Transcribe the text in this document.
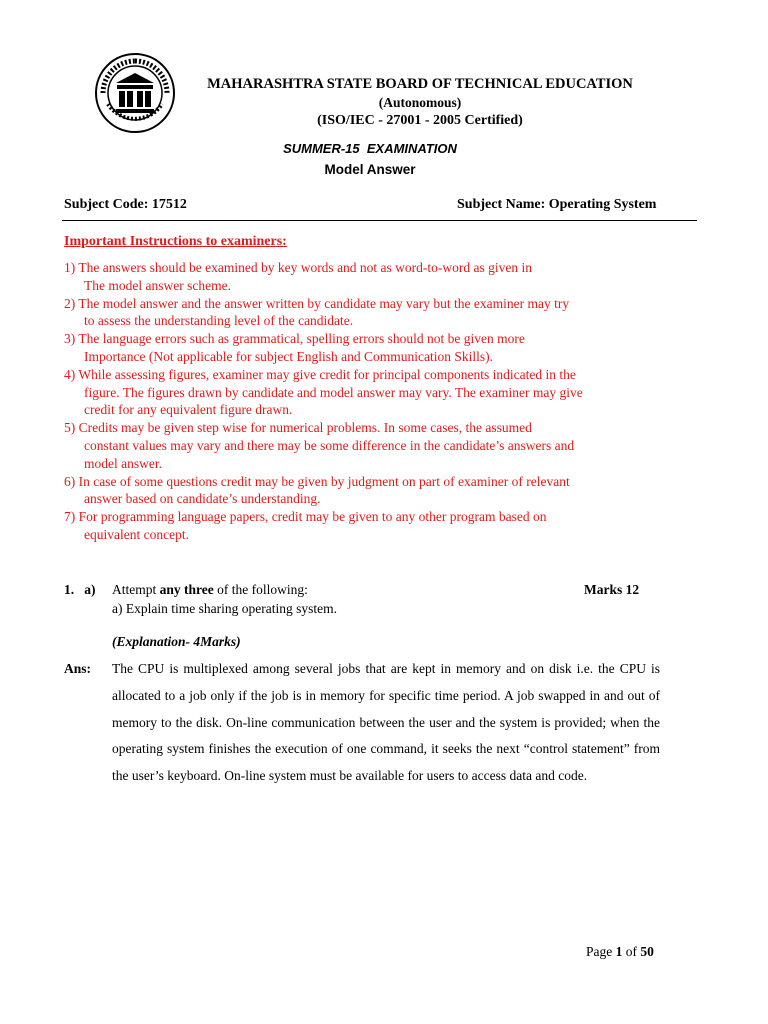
MAHARASHTRA STATE BOARD OF TECHNICAL EDUCATION
(Autonomous)
(ISO/IEC - 27001 - 2005 Certified)
SUMMER-15  EXAMINATION
Model Answer
Subject Code: 17512	Subject Name: Operating System
Important Instructions to examiners:
1) The answers should be examined by key words and not as word-to-word as given in
The model answer scheme.
2) The model answer and the answer written by candidate may vary but the examiner may try
to assess the understanding level of the candidate.
3) The language errors such as grammatical, spelling errors should not be given more
Importance (Not applicable for subject English and Communication Skills).
4) While assessing figures, examiner may give credit for principal components indicated in the
figure. The figures drawn by candidate and model answer may vary. The examiner may give
credit for any equivalent figure drawn.
5) Credits may be given step wise for numerical problems. In some cases, the assumed
constant values may vary and there may be some difference in the candidate’s answers and
model answer.
6) In case of some questions credit may be given by judgment on part of examiner of relevant
answer based on candidate’s understanding.
7) For programming language papers, credit may be given to any other program based on
equivalent concept.
1.   a) Attempt any three of the following:	Marks 12
a) Explain time sharing operating system.
(Explanation- 4Marks)
Ans: The CPU is multiplexed among several jobs that are kept in memory and on disk i.e. the CPU is allocated to a job only if the job is in memory for specific time period. A job swapped in and out of memory to the disk. On-line communication between the user and the system is provided; when the operating system finishes the execution of one command, it seeks the next “control statement” from the user’s keyboard. On-line system must be available for users to access data and code.

Page 1 of 50
